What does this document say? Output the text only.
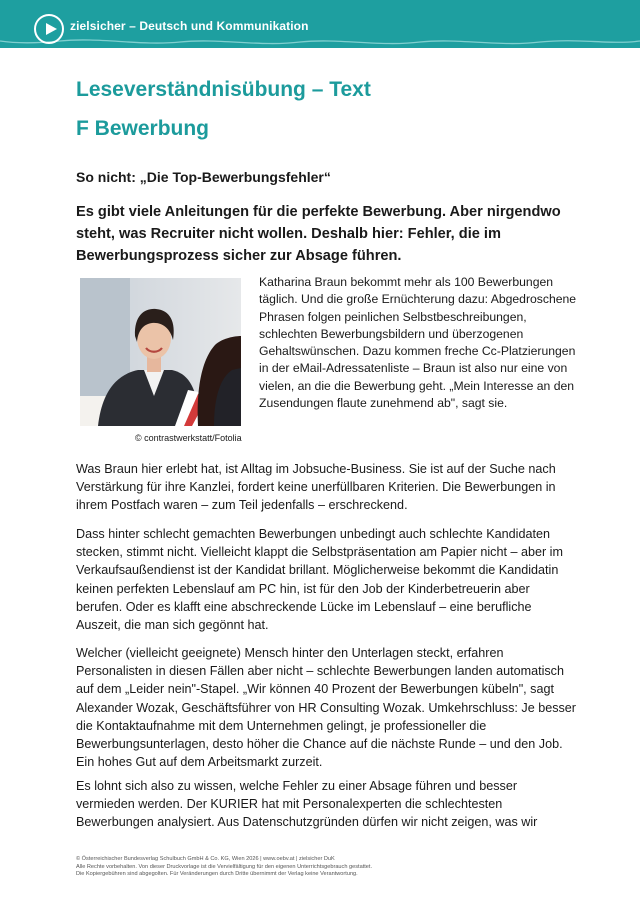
zielsicher – Deutsch und Kommunikation
Leseverständnisübung – Text
F Bewerbung
So nicht: „Die Top-Bewerbungsfehler“
Es gibt viele Anleitungen für die perfekte Bewerbung. Aber nirgendwo steht, was Recruiter nicht wollen. Deshalb hier: Fehler, die im Bewerbungsprozess sicher zur Absage führen.
© contrastwerkstatt/Fotolia
Katharina Braun bekommt mehr als 100 Bewerbungen täglich. Und die große Ernüchterung dazu: Abgedroschene Phrasen folgen peinlichen Selbstbeschreibungen, schlechten Bewerbungsbildern und überzogenen Gehaltswünschen. Dazu kommen freche Cc-Platzierungen in der eMail-Adressatenliste – Braun ist also nur eine von vielen, an die die Bewerbung geht. „Mein Interesse an den Zusendungen flaute zunehmend ab", sagt sie.
Was Braun hier erlebt hat, ist Alltag im Jobsuche-Business. Sie ist auf der Suche nach Verstärkung für ihre Kanzlei, fordert keine unerfüllbaren Kriterien. Die Bewerbungen in ihrem Postfach waren – zum Teil jedenfalls – erschreckend.
Dass hinter schlecht gemachten Bewerbungen unbedingt auch schlechte Kandidaten stecken, stimmt nicht. Vielleicht klappt die Selbstpräsentation am Papier nicht – aber im Verkaufsaußendienst ist der Kandidat brillant. Möglicherweise bekommt die Kandidatin keinen perfekten Lebenslauf am PC hin, ist für den Job der Kinderbetreuerin aber berufen. Oder es klafft eine abschreckende Lücke im Lebenslauf – eine berufliche Auszeit, die man sich gegönnt hat.
Welcher (vielleicht geeignete) Mensch hinter den Unterlagen steckt, erfahren Personalisten in diesen Fällen aber nicht – schlechte Bewerbungen landen automatisch auf dem „Leider nein"-Stapel. „Wir können 40 Prozent der Bewerbungen kübeln", sagt Alexander Wozak, Geschäftsführer von HR Consulting Wozak. Umkehrschluss: Je besser die Kontaktaufnahme mit dem Unternehmen gelingt, je professioneller die Bewerbungsunterlagen, desto höher die Chance auf die nächste Runde – und den Job. Ein hohes Gut auf dem Arbeitsmarkt zurzeit.
Es lohnt sich also zu wissen, welche Fehler zu einer Absage führen und besser vermieden werden. Der KURIER hat mit Personalexperten die schlechtesten Bewerbungen analysiert. Aus Datenschutzgründen dürfen wir nicht zeigen, was wir
© Österreichischer Bundesverlag Schulbuch GmbH & Co. KG, Wien 2026 | www.oebv.at | zielsicher DuK
Alle Rechte vorbehalten. Von dieser Druckvorlage ist die Vervielfältigung für den eigenen Unterrichtsgebrauch gestattet.
Die Kopiergebühren sind abgegolten. Für Veränderungen durch Dritte übernimmt der Verlag keine Verantwortung.
